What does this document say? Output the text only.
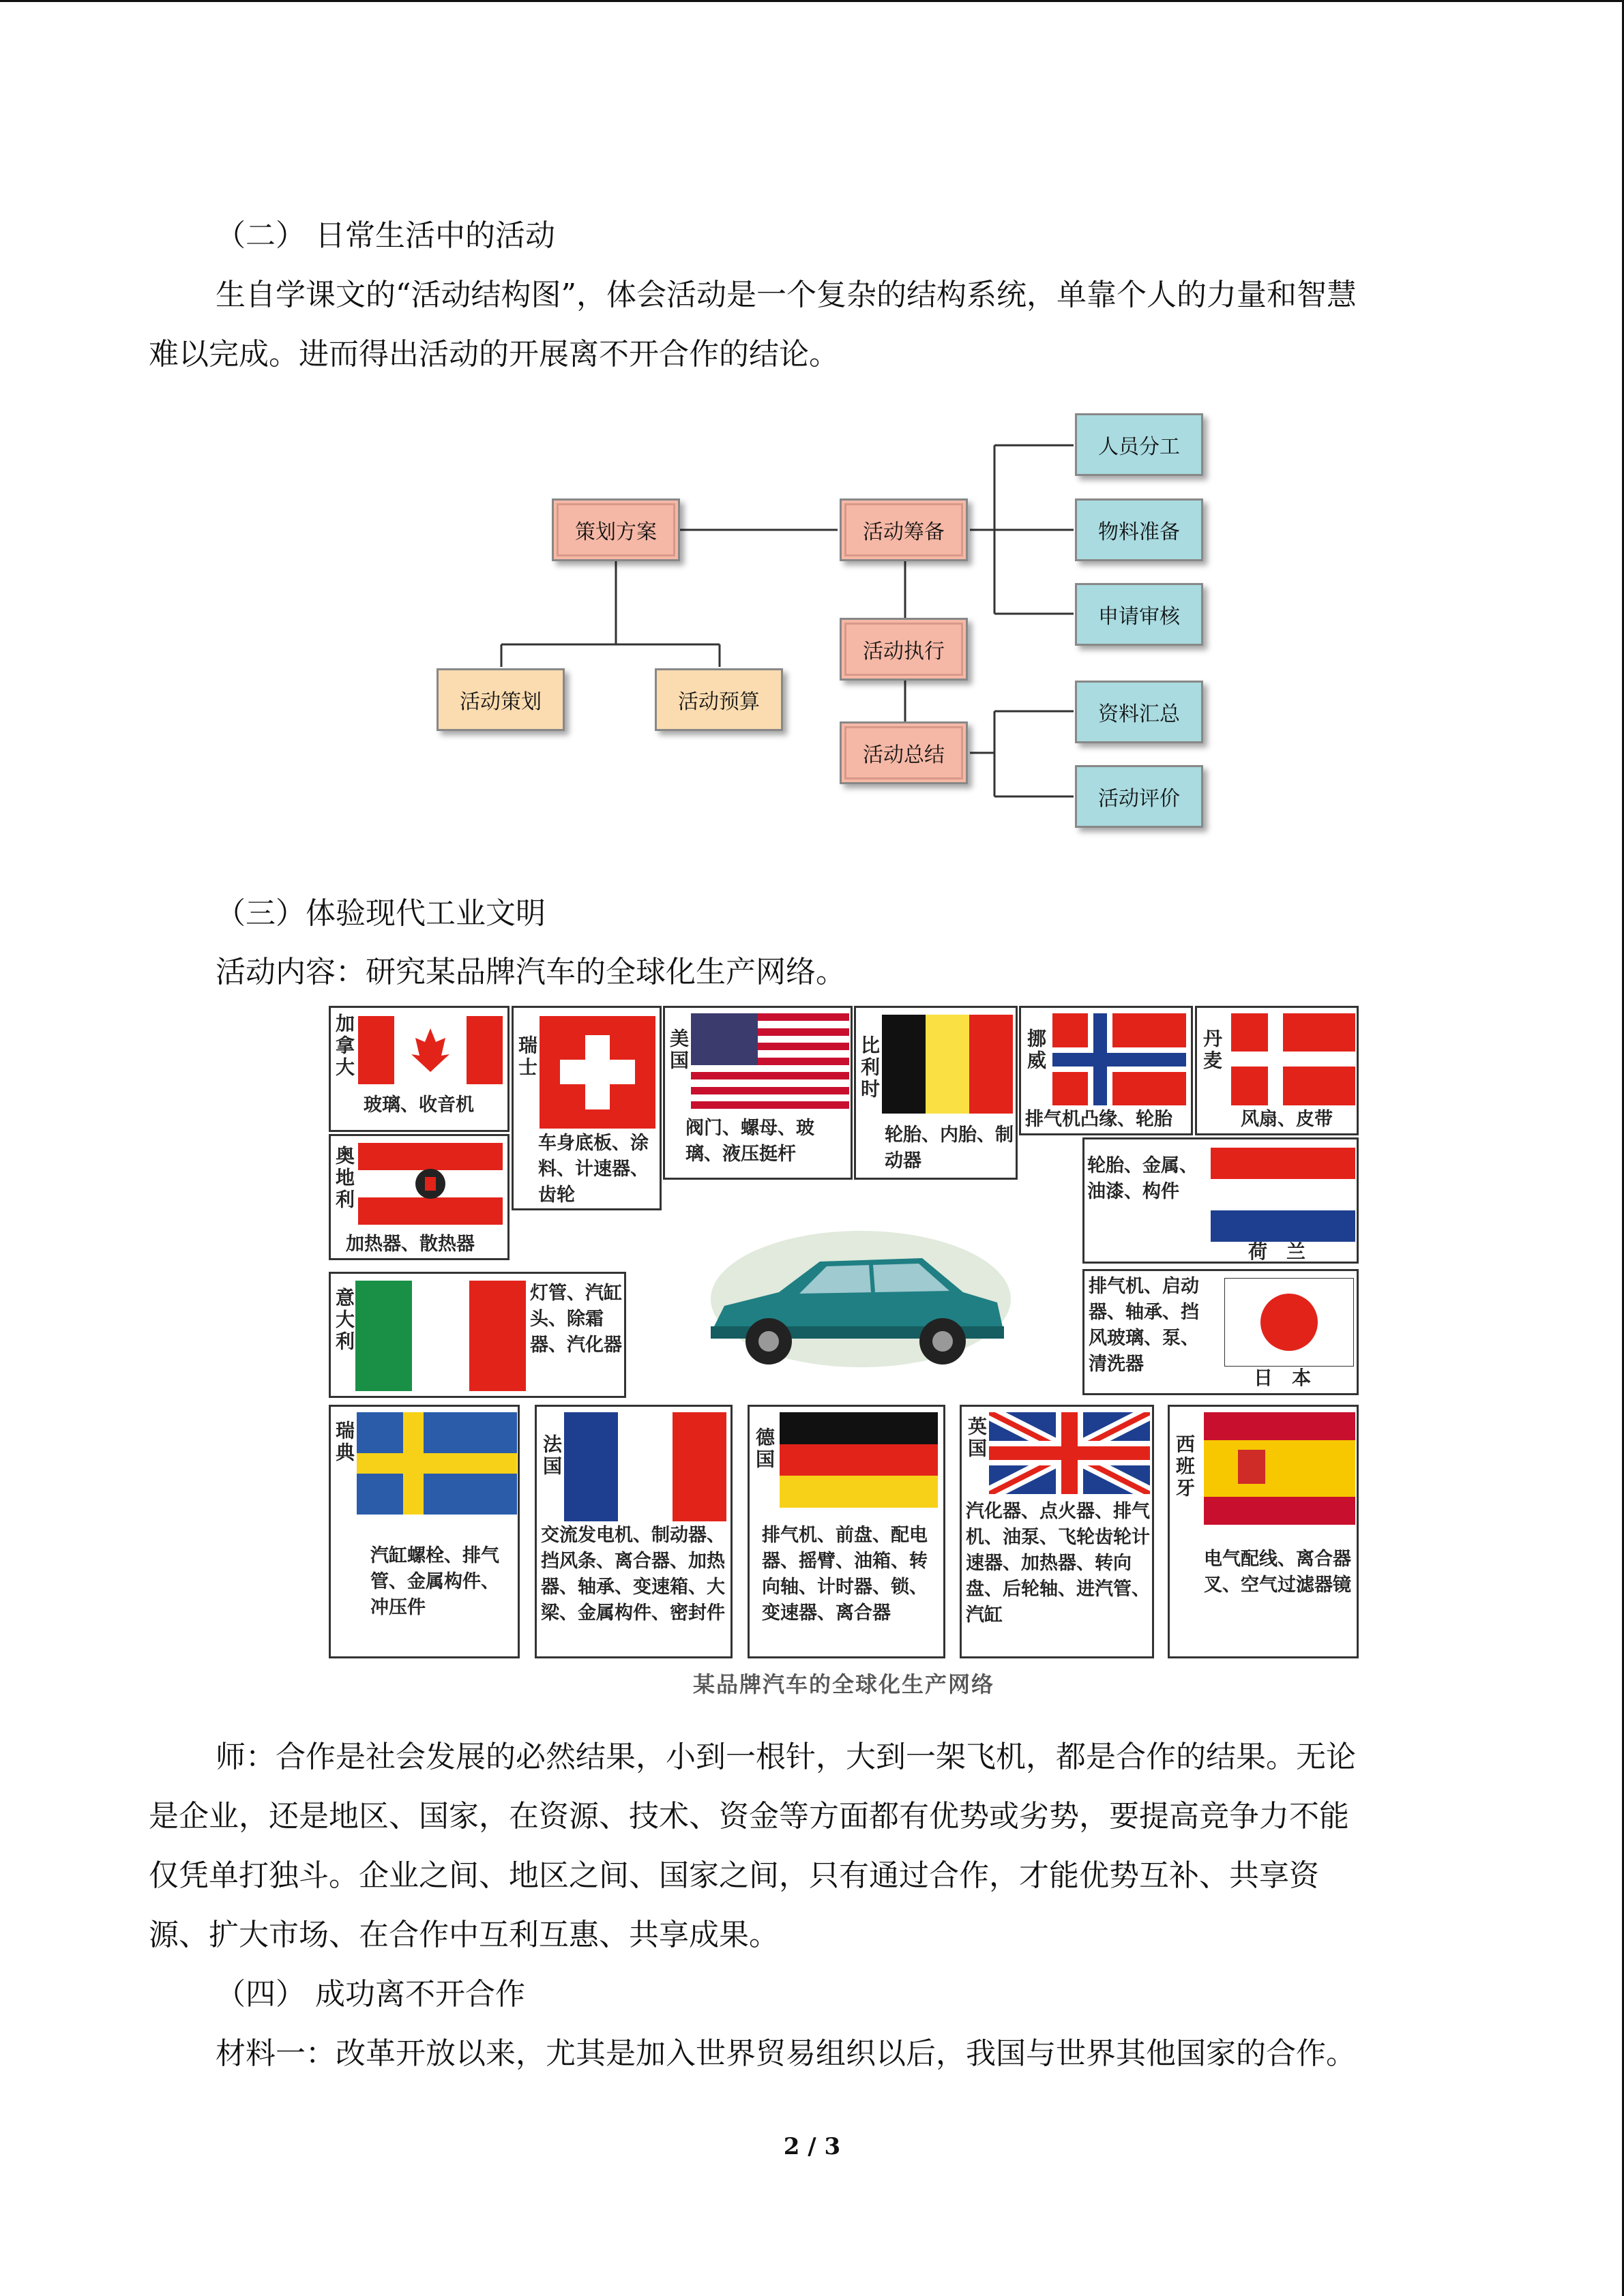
（二） 日常生活中的活动
生自学课文的“活动结构图”，体会活动是一个复杂的结构系统，单靠个人的力量和智慧
难以完成。进而得出活动的开展离不开合作的结论。
策划方案	活动筹备
活动执行
活动总结
活动策划	活动预算
人员分工
物料准备
申请审核
资料汇总
活动评价
（三）体验现代工业文明
活动内容：研究某品牌汽车的全球化生产网络。
加拿大
玻璃、收音机
瑞士
车身底板、涂料、计速器、齿轮
美国
阀门、螺母、玻璃、液压挺杆
比利时
轮胎、内胎、制动器
挪威
排气机凸缘、轮胎
丹麦
风扇、皮带
奥地利
加热器、散热器
轮胎、金属、油漆、构件
荷　兰
意大利	灯管、汽缸头、除霜器、汽化器
排气机、启动器、轴承、挡风玻璃、泵、清洗器
日　本
瑞典
汽缸螺栓、排气管、金属构件、冲压件
法国
交流发电机、制动器、挡风条、离合器、加热器、轴承、变速箱、大梁、金属构件、密封件
德国
排气机、前盘、配电器、摇臂、油箱、转向轴、计时器、锁、变速器、离合器
英国
汽化器、点火器、排气机、油泵、飞轮齿轮计速器、加热器、转向盘、后轮轴、进汽管、汽缸
西班牙
电气配线、离合器叉、空气过滤器镜
某品牌汽车的全球化生产网络
师：合作是社会发展的必然结果，小到一根针，大到一架飞机，都是合作的结果。无论
是企业，还是地区、国家，在资源、技术、资金等方面都有优势或劣势，要提高竞争力不能
仅凭单打独斗。企业之间、地区之间、国家之间，只有通过合作，才能优势互补、共享资
源、扩大市场、在合作中互利互惠、共享成果。
（四） 成功离不开合作
材料一：改革开放以来，尤其是加入世界贸易组织以后，我国与世界其他国家的合作。
2 / 3
